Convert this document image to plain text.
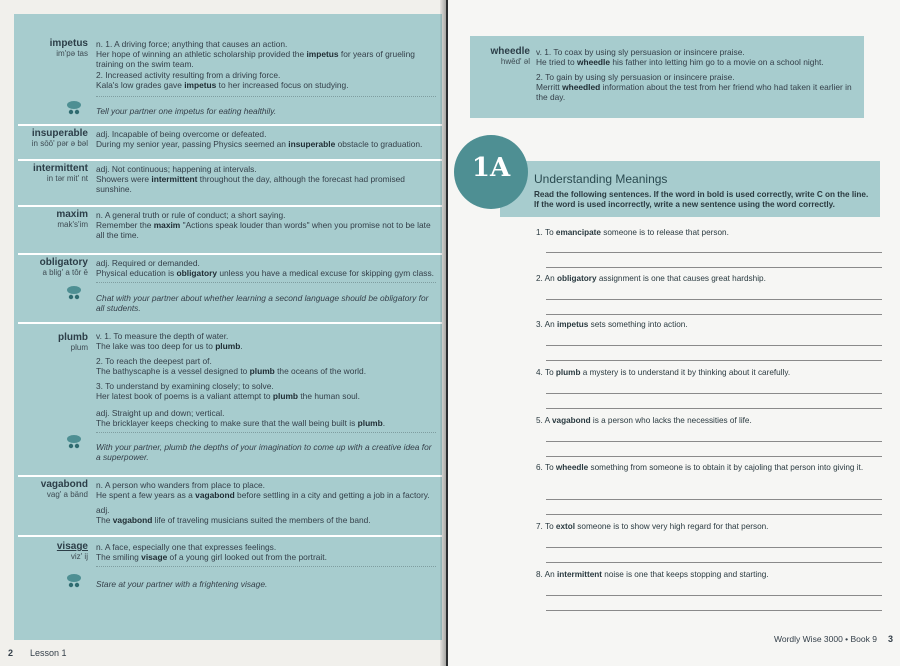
impetus
im'pə tas
n. 1. A driving force; anything that causes an action.
Her hope of winning an athletic scholarship provided the impetus for years of grueling training on the swim team.
2. Increased activity resulting from a driving force.
Kala's low grades gave impetus to her increased focus on studying.
Tell your partner one impetus for eating healthily.
insuperable
in sōō' pər ə bəl
adj. Incapable of being overcome or defeated.
During my senior year, passing Physics seemed an insuperable obstacle to graduation.
intermittent
in tər mit' nt
adj. Not continuous; happening at intervals.
Showers were intermittent throughout the day, although the forecast had promised sunshine.
maxim
mak's'im
n. A general truth or rule of conduct; a short saying.
Remember the maxim "Actions speak louder than words" when you promise not to be late all the time.
obligatory
a blig' a tôr ē
adj. Required or demanded.
Physical education is obligatory unless you have a medical excuse for skipping gym class.
Chat with your partner about whether learning a second language should be obligatory for all students.
plumb
plum
v. 1. To measure the depth of water.
The lake was too deep for us to plumb.
2. To reach the deepest part of.
The bathyscaphe is a vessel designed to plumb the oceans of the world.
3. To understand by examining closely; to solve.
Her latest book of poems is a valiant attempt to plumb the human soul.
adj. Straight up and down; vertical.
The bricklayer keeps checking to make sure that the wall being built is plumb.
With your partner, plumb the depths of your imagination to come up with a creative idea for a superpower.
vagabond
vag' a bänd
n. A person who wanders from place to place.
He spent a few years as a vagabond before settling in a city and getting a job in a factory.
adj.
The vagabond life of traveling musicians suited the members of the band.
visage
viz' ij
n. A face, especially one that expresses feelings.
The smiling visage of a young girl looked out from the portrait.
Stare at your partner with a frightening visage.
2 Lesson 1
wheedle
hwēd' əl
v. 1. To coax by using sly persuasion or insincere praise.
He tried to wheedle his father into letting him go to a movie on a school night.
2. To gain by using sly persuasion or insincere praise.
Merritt wheedled information about the test from her friend who had taken it earlier in the day.
1A	Understanding Meanings
Read the following sentences. If the word in bold is used correctly, write C on the line. If the word is used incorrectly, write a new sentence using the word correctly.
1. To emancipate someone is to release that person.
2. An obligatory assignment is one that causes great hardship.
3. An impetus sets something into action.
4. To plumb a mystery is to understand it by thinking about it carefully.
5. A vagabond is a person who lacks the necessities of life.
6. To wheedle something from someone is to obtain it by cajoling that person into giving it.
7. To extol someone is to show very high regard for that person.
8. An intermittent noise is one that keeps stopping and starting.
Wordly Wise 3000 • Book 9 3
